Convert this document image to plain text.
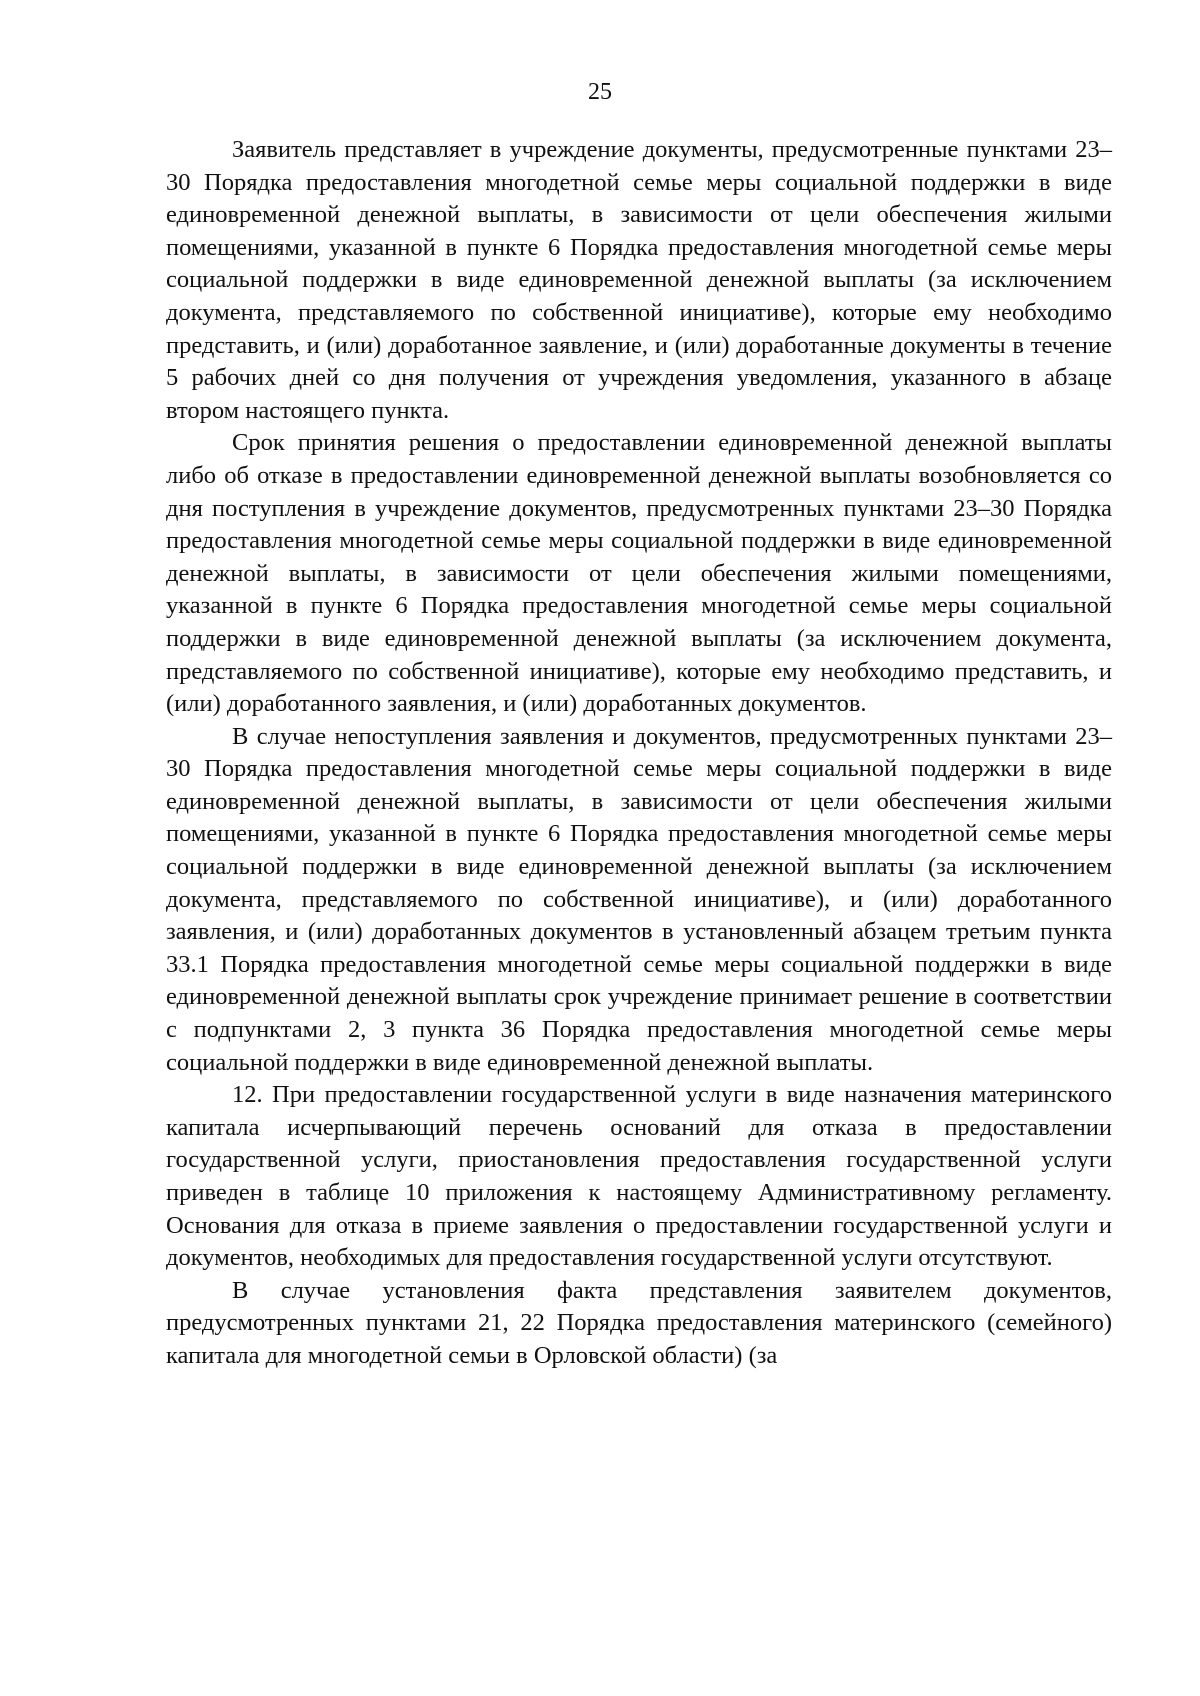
25

Заявитель представляет в учреждение документы, предусмотренные пунктами 23–30 Порядка предоставления многодетной семье меры социальной поддержки в виде единовременной денежной выплаты, в зависимости от цели обеспечения жилыми помещениями, указанной в пункте 6 Порядка предоставления многодетной семье меры социальной поддержки в виде единовременной денежной выплаты (за исключением документа, представляемого по собственной инициативе), которые ему необходимо представить, и (или) доработанное заявление, и (или) доработанные документы в течение 5 рабочих дней со дня получения от учреждения уведомления, указанного в абзаце втором настоящего пункта.

Срок принятия решения о предоставлении единовременной денежной выплаты либо об отказе в предоставлении единовременной денежной выплаты возобновляется со дня поступления в учреждение документов, предусмотренных пунктами 23–30 Порядка предоставления многодетной семье меры социальной поддержки в виде единовременной денежной выплаты, в зависимости от цели обеспечения жилыми помещениями, указанной в пункте 6 Порядка предоставления многодетной семье меры социальной поддержки в виде единовременной денежной выплаты (за исключением документа, представляемого по собственной инициативе), которые ему необходимо представить, и (или) доработанного заявления, и (или) доработанных документов.

В случае непоступления заявления и документов, предусмотренных пунктами 23–30 Порядка предоставления многодетной семье меры социальной поддержки в виде единовременной денежной выплаты, в зависимости от цели обеспечения жилыми помещениями, указанной в пункте 6 Порядка предоставления многодетной семье меры социальной поддержки в виде единовременной денежной выплаты (за исключением документа, представляемого по собственной инициативе), и (или) доработанного заявления, и (или) доработанных документов в установленный абзацем третьим пункта 33.1 Порядка предоставления многодетной семье меры социальной поддержки в виде единовременной денежной выплаты срок учреждение принимает решение в соответствии с подпунктами 2, 3 пункта 36 Порядка предоставления многодетной семье меры социальной поддержки в виде единовременной денежной выплаты.

12. При предоставлении государственной услуги в виде назначения материнского капитала исчерпывающий перечень оснований для отказа в предоставлении государственной услуги, приостановления предоставления государственной услуги приведен в таблице 10 приложения к настоящему Административному регламенту. Основания для отказа в приеме заявления о предоставлении государственной услуги и документов, необходимых для предоставления государственной услуги отсутствуют.

В случае установления факта представления заявителем документов, предусмотренных пунктами 21, 22 Порядка предоставления материнского (семейного) капитала для многодетной семьи в Орловской области) (за
